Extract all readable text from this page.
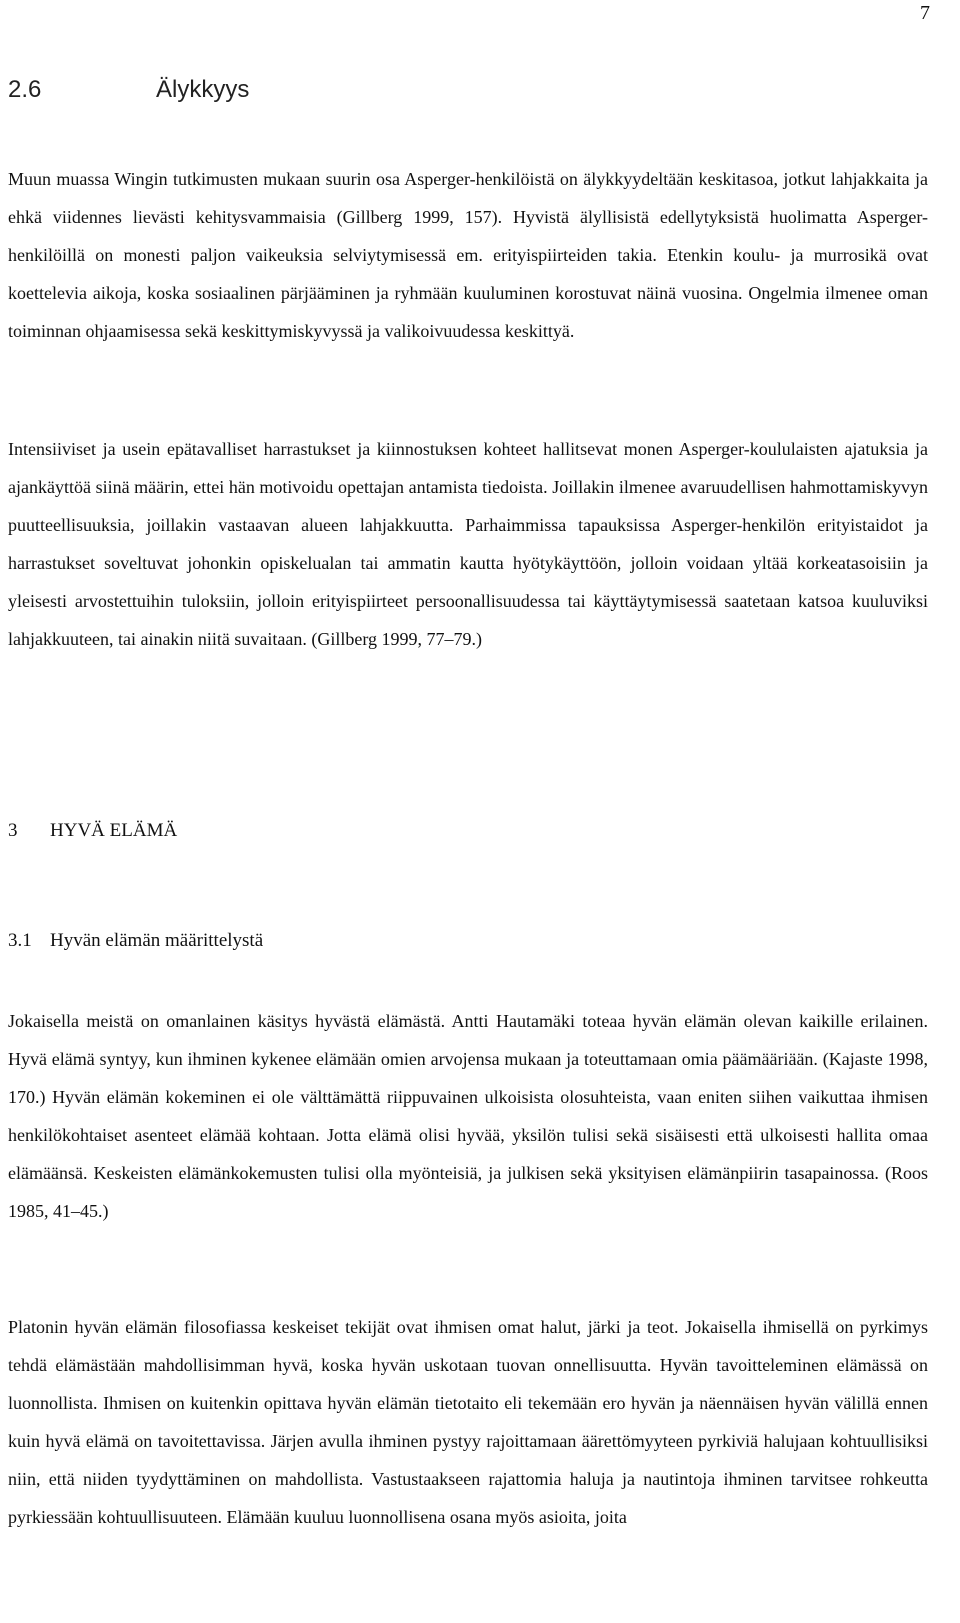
7
2.6	Älykkyys

Muun muassa Wingin tutkimusten mukaan suurin osa Asperger-henkilöistä on älykkyydeltään keskitasoa, jotkut lahjakkaita ja ehkä viidennes lievästi kehitysvammaisia (Gillberg 1999, 157). Hyvistä älyllisistä edellytyksistä huolimatta Asperger-henkilöillä on monesti paljon vaikeuksia selviytymisessä em. erityispiirteiden takia. Etenkin koulu- ja murrosikä ovat koettelevia aikoja, koska sosiaalinen pärjääminen ja ryhmään kuuluminen korostuvat näinä vuosina. Ongelmia ilmenee oman toiminnan ohjaamisessa sekä keskittymiskyvyssä ja valikoivuudessa keskittyä.

Intensiiviset ja usein epätavalliset harrastukset ja kiinnostuksen kohteet hallitsevat monen Asperger-koululaisten ajatuksia ja ajankäyttöä siinä määrin, ettei hän motivoidu opettajan antamista tiedoista. Joillakin ilmenee avaruudellisen hahmottamiskyvyn puutteellisuuksia, joillakin vastaavan alueen lahjakkuutta. Parhaimmissa tapauksissa Asperger-henkilön erityistaidot ja harrastukset soveltuvat johonkin opiskelualan tai ammatin kautta hyötykäyttöön, jolloin voidaan yltää korkeatasoisiin ja yleisesti arvostettuihin tuloksiin, jolloin erityispiirteet persoonallisuudessa tai käyttäytymisessä saatetaan katsoa kuuluviksi lahjakkuuteen, tai ainakin niitä suvaitaan. (Gillberg 1999, 77–79.)

3 HYVÄ ELÄMÄ
3.1 Hyvän elämän määrittelystä

Jokaisella meistä on omanlainen käsitys hyvästä elämästä. Antti Hautamäki toteaa hyvän elämän olevan kaikille erilainen. Hyvä elämä syntyy, kun ihminen kykenee elämään omien arvojensa mukaan ja toteuttamaan omia päämääriään. (Kajaste 1998, 170.) Hyvän elämän kokeminen ei ole välttämättä riippuvainen ulkoisista olosuhteista, vaan eniten siihen vaikuttaa ihmisen henkilökohtaiset asenteet elämää kohtaan. Jotta elämä olisi hyvää, yksilön tulisi sekä sisäisesti että ulkoisesti hallita omaa elämäänsä. Keskeisten elämänkokemusten tulisi olla myönteisiä, ja julkisen sekä yksityisen elämänpiirin tasapainossa. (Roos 1985, 41–45.)

Platonin hyvän elämän filosofiassa keskeiset tekijät ovat ihmisen omat halut, järki ja teot. Jokaisella ihmisellä on pyrkimys tehdä elämästään mahdollisimman hyvä, koska hyvän uskotaan tuovan onnellisuutta. Hyvän tavoitteleminen elämässä on luonnollista. Ihmisen on kuitenkin opittava hyvän elämän tietotaito eli tekemään ero hyvän ja näennäisen hyvän välillä ennen kuin hyvä elämä on tavoitettavissa. Järjen avulla ihminen pystyy rajoittamaan äärettömyyteen pyrkiviä halujaan kohtuullisiksi niin, että niiden tyydyttäminen on mahdollista. Vastustaakseen rajattomia haluja ja nautintoja ihminen tarvitsee rohkeutta pyrkiessään kohtuullisuuteen. Elämään kuuluu luonnollisena osana myös asioita, joita
